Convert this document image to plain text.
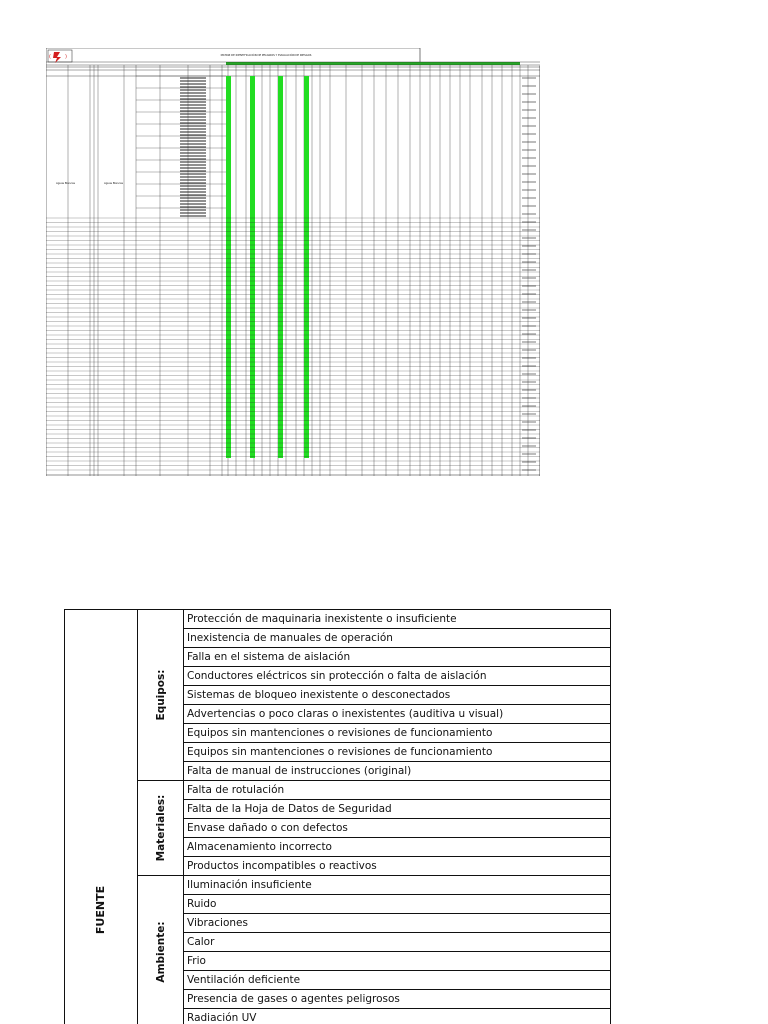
(	)	MATRIZ DE IDENTIFICACIÓN DE PELIGROS Y EVALUACIÓN DE RIESGOS
Aguas Blancas	Aguas Blancas
FUENTE	Equipos:	Protección de maquinaria inexistente o insuficiente
		Inexistencia de manuales de operación
		Falla en el sistema de aislación
		Conductores eléctricos sin protección o falta de aislación
		Sistemas de bloqueo inexistente o desconectados
		Advertencias o poco claras o inexistentes (auditiva u visual)
		Equipos sin mantenciones o revisiones de funcionamiento
		Equipos sin mantenciones o revisiones de funcionamiento
		Falta de manual de instrucciones (original)

	Materiales:	Falta de rotulación
		Falta de la Hoja de Datos de Seguridad
		Envase dañado o con defectos
		Almacenamiento incorrecto
		Productos incompatibles o reactivos

	Ambiente:	Iluminación insuficiente
		Ruido
		Vibraciones
		Calor
		Frio
		Ventilación deficiente
		Presencia de gases o agentes peligrosos
		Radiación UV
